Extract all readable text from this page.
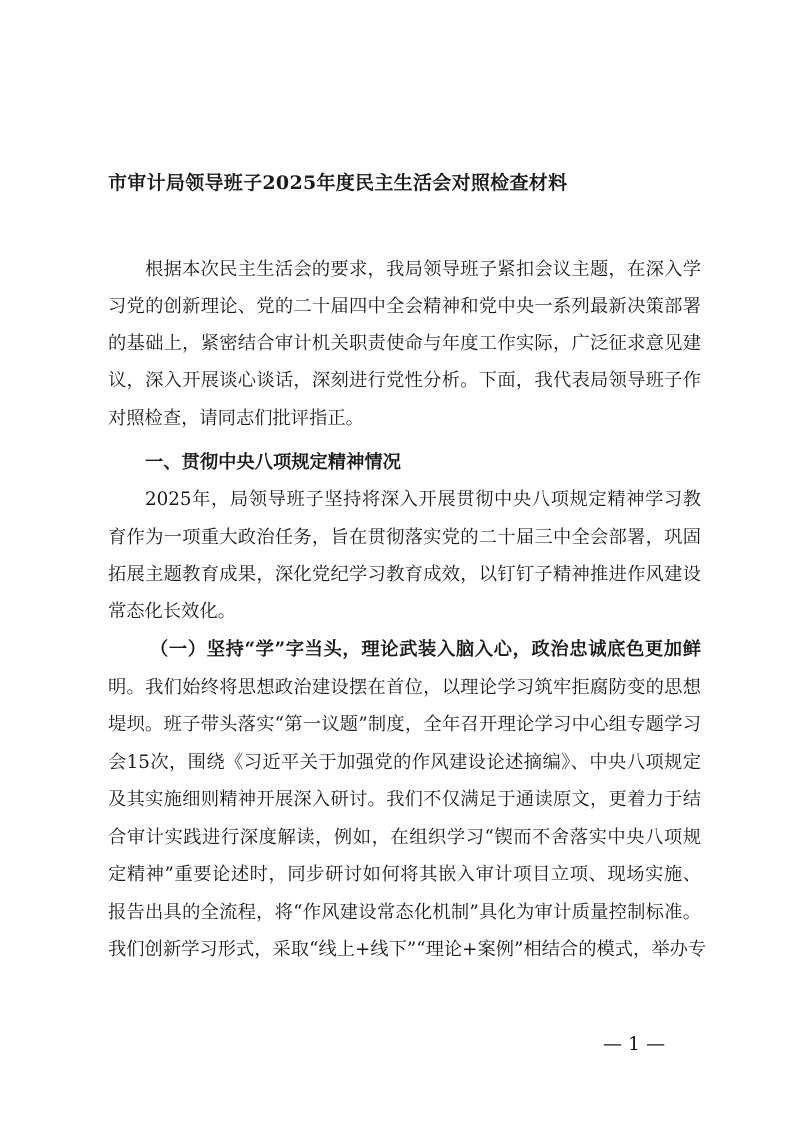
市审计局领导班子2025年度民主生活会对照检查材料
根据本次民主生活会的要求，我局领导班子紧扣会议主题，在深入学
习党的创新理论、党的二十届四中全会精神和党中央一系列最新决策部署
的基础上，紧密结合审计机关职责使命与年度工作实际，广泛征求意见建
议，深入开展谈心谈话，深刻进行党性分析。下面，我代表局领导班子作
对照检查，请同志们批评指正。
一、贯彻中央八项规定精神情况
2025年，局领导班子坚持将深入开展贯彻中央八项规定精神学习教
育作为一项重大政治任务，旨在贯彻落实党的二十届三中全会部署，巩固
拓展主题教育成果，深化党纪学习教育成效，以钉钉子精神推进作风建设
常态化长效化。
（一）坚持“学”字当头，理论武装入脑入心，政治忠诚底色更加鲜
明。我们始终将思想政治建设摆在首位，以理论学习筑牢拒腐防变的思想
堤坝。班子带头落实“第一议题”制度，全年召开理论学习中心组专题学习
会15次，围绕《习近平关于加强党的作风建设论述摘编》、中央八项规定
及其实施细则精神开展深入研讨。我们不仅满足于通读原文，更着力于结
合审计实践进行深度解读，例如，在组织学习“锲而不舍落实中央八项规
定精神”重要论述时，同步研讨如何将其嵌入审计项目立项、现场实施、
报告出具的全流程，将“作风建设常态化机制”具化为审计质量控制标准。
我们创新学习形式，采取“线上+线下”“理论+案例”相结合的模式，举办专
— 1 —
